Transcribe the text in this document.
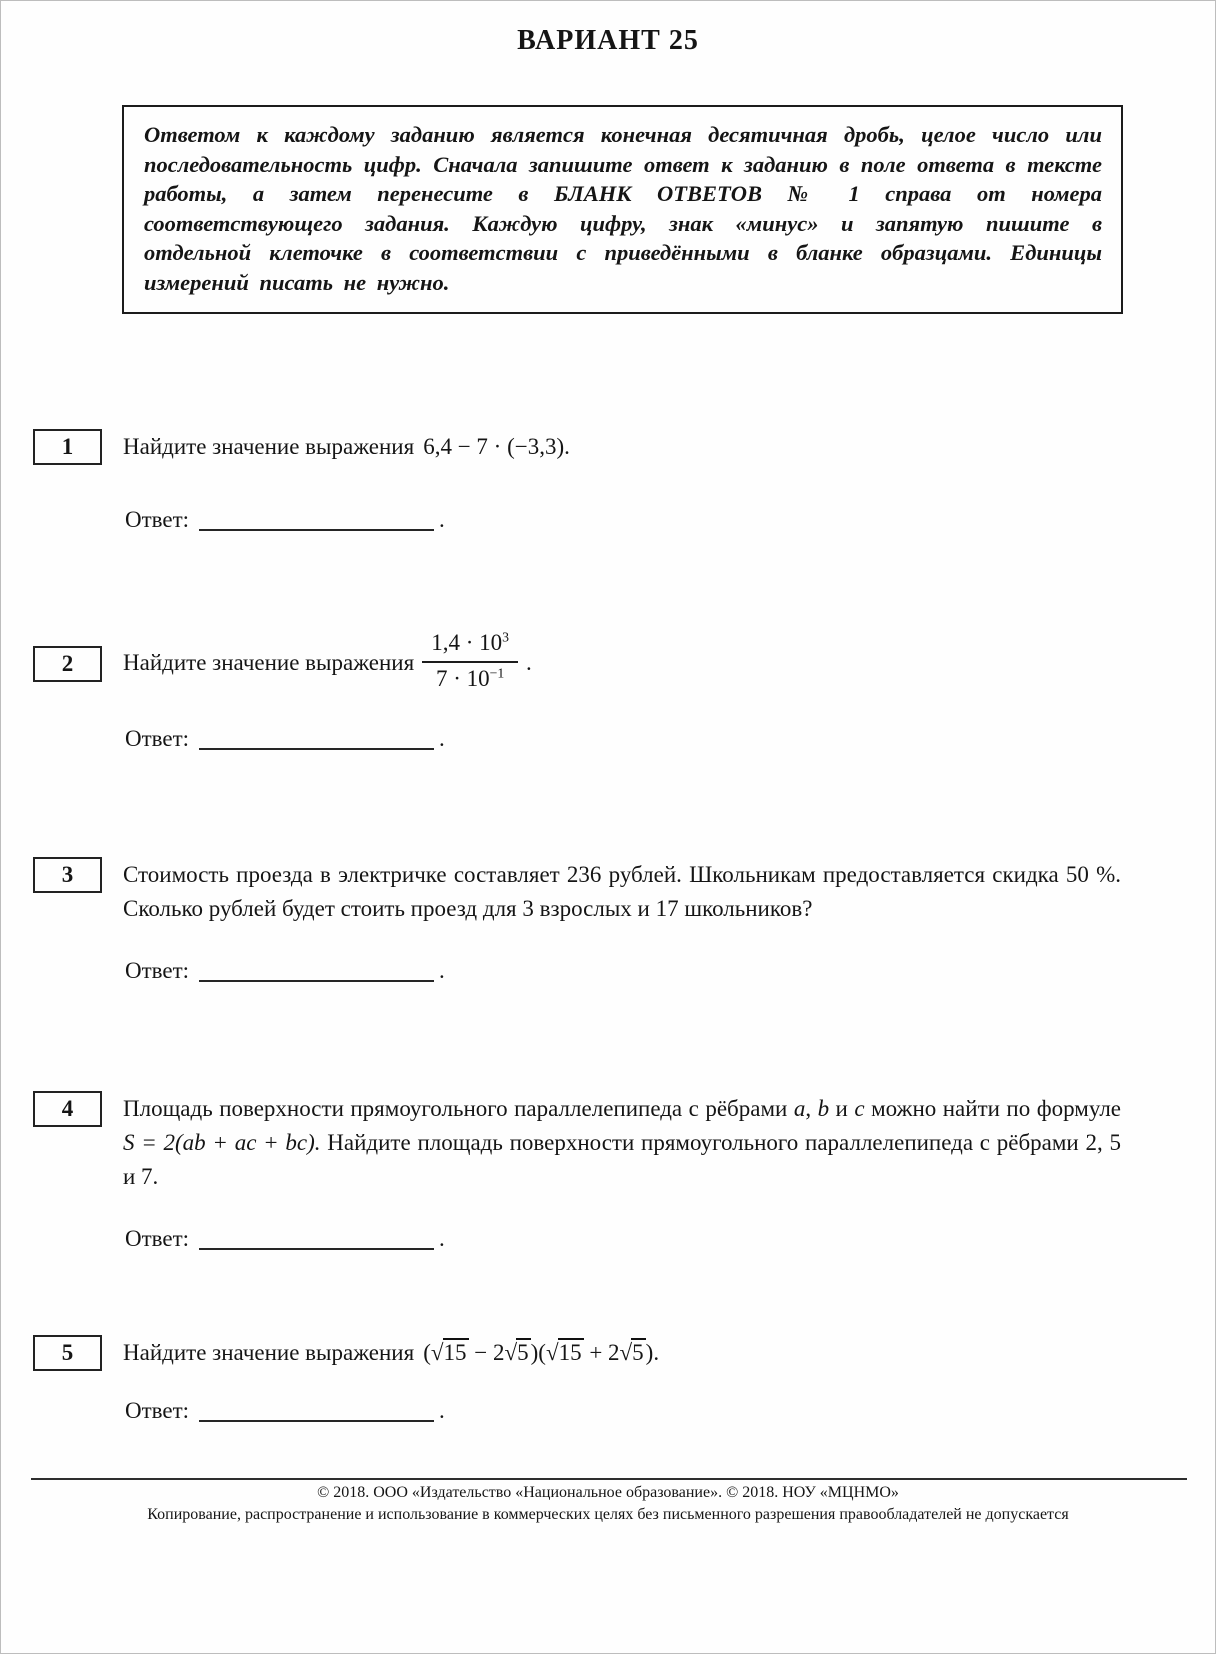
ВАРИАНТ 25
Ответом к каждому заданию является конечная десятичная дробь, целое число или последовательность цифр. Сначала запишите ответ к заданию в поле ответа в тексте работы, а затем перенесите в БЛАНК ОТВЕТОВ № 1 справа от номера соответствующего задания. Каждую цифру, знак «минус» и запятую пишите в отдельной клеточке в соответствии с приведёнными в бланке образцами. Единицы измерений писать не нужно.
1 Найдите значение выражения 6,4 − 7 · (−3,3).

Ответ:	.
2 Найдите значение выражения $\frac{1,4 \cdot 10^3}{7 \cdot 10^{-1}}$ .

Ответ:	.
3 Стоимость проезда в электричке составляет 236 рублей. Школьникам предоставляется скидка 50 %. Сколько рублей будет стоить проезд для 3 взрослых и 17 школьников?

Ответ:	.
4 Площадь поверхности прямоугольного параллелепипеда с рёбрами a, b и c можно найти по формуле S = 2(ab + ac + bc). Найдите площадь поверхности прямоугольного параллелепипеда с рёбрами 2, 5 и 7.

Ответ:	.
5 Найдите значение выражения (√15 − 2√5)(√15 + 2√5).

Ответ:	.
© 2018. ООО «Издательство «Национальное образование». © 2018. НОУ «МЦНМО»
Копирование, распространение и использование в коммерческих целях без письменного разрешения правообладателей не допускается
